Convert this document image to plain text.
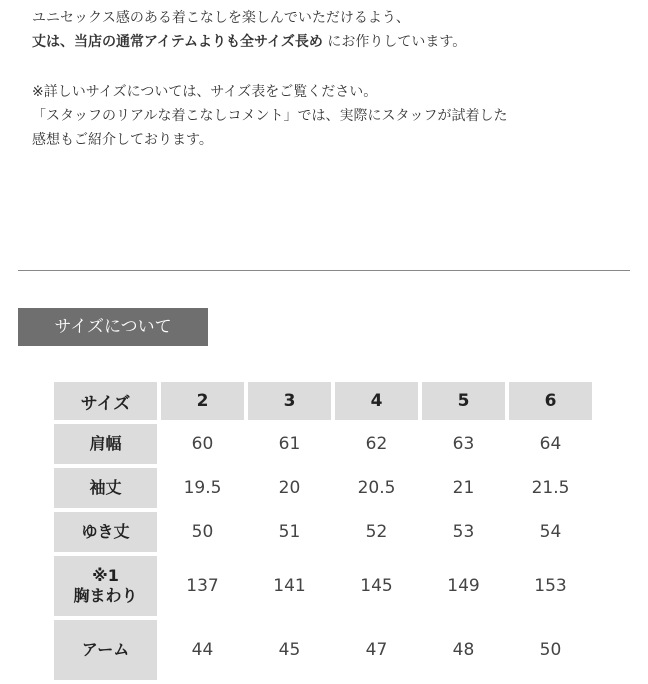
ユニセックス感のある着こなしを楽しんでいただけるよう、
丈は、当店の通常アイテムよりも全サイズ長め にお作りしています。

※詳しいサイズについては、サイズ表をご覧ください。
「スタッフのリアルな着こなしコメント」では、実際にスタッフが試着した
感想もご紹介しております。

サイズについて
サイズ	2	3	4	5	6
肩幅	60	61	62	63	64
袖丈	19.5	20	20.5	21	21.5
ゆき丈	50	51	52	53	54

※1
胸まわり	137	141	145	149	153

アーム	44	45	47	48	50
